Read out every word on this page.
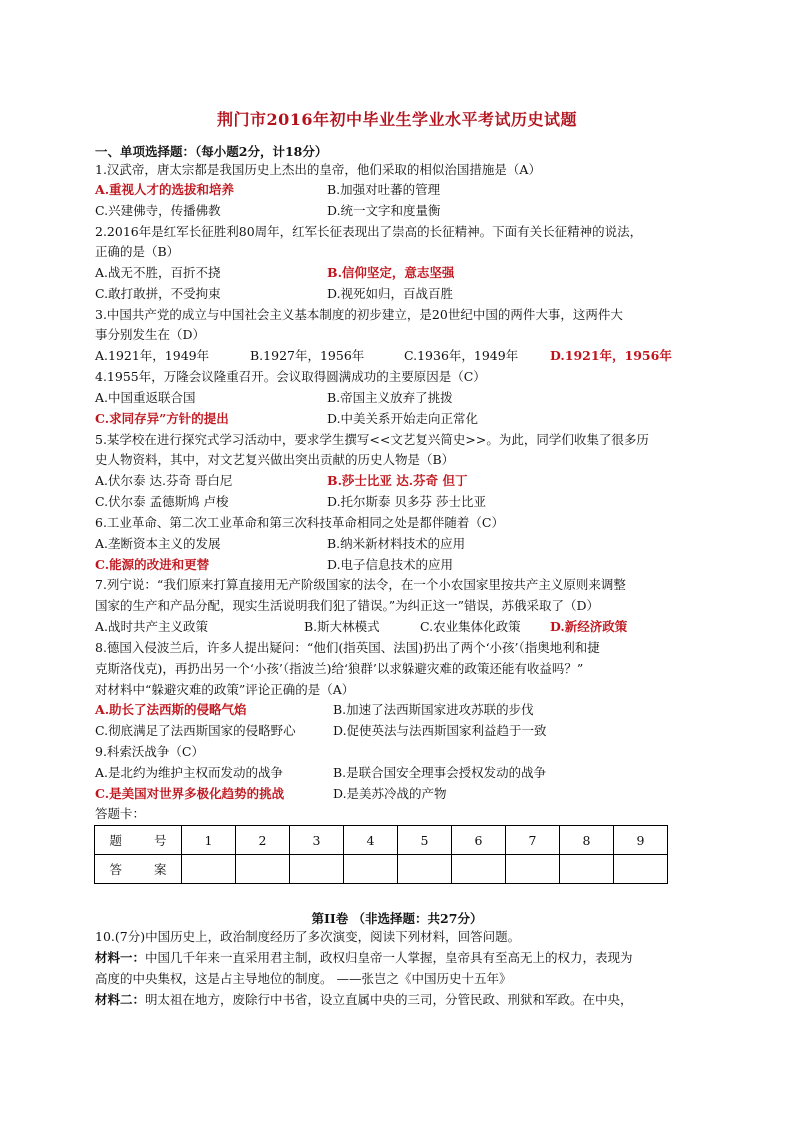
荆门市2016年初中毕业生学业水平考试历史试题
一、单项选择题：（每小题2分，计18分）
1.汉武帝，唐太宗都是我国历史上杰出的皇帝，他们采取的相似治国措施是（A）
A.重视人才的选拔和培养	B.加强对吐蕃的管理
C.兴建佛寺，传播佛教	D.统一文字和度量衡
2.2016年是红军长征胜利80周年，红军长征表现出了崇高的长征精神。下面有关长征精神的说法，
正确的是（B）
A.战无不胜，百折不挠	B.信仰坚定，意志坚强
C.敢打敢拼，不受拘束	D.视死如归，百战百胜
3.中国共产党的成立与中国社会主义基本制度的初步建立，是20世纪中国的两件大事，这两件大
事分别发生在（D）
A.1921年，1949年	B.1927年，1956年	C.1936年，1949年	D.1921年，1956年
4.1955年，万隆会议隆重召开。会议取得圆满成功的主要原因是（C）
A.中国重返联合国	B.帝国主义放弃了挑拨
C.求同存异”方针的提出	D.中美关系开始走向正常化
5.某学校在进行探究式学习活动中，要求学生撰写<<文艺复兴简史>>。为此，同学们收集了很多历
史人物资料，其中，对文艺复兴做出突出贡献的历史人物是（B）
A.伏尔泰 达.芬奇 哥白尼	B.莎士比亚 达.芬奇 但丁
C.伏尔泰 孟德斯鸠 卢梭	D.托尔斯泰 贝多芬 莎士比亚
6.工业革命、第二次工业革命和第三次科技革命相同之处是都伴随着（C）
A.垄断资本主义的发展	B.纳米新材料技术的应用
C.能源的改进和更替	D.电子信息技术的应用
7.列宁说：“我们原来打算直接用无产阶级国家的法令，在一个小农国家里按共产主义原则来调整
国家的生产和产品分配，现实生活说明我们犯了错误。”为纠正这一”错误，苏俄采取了（D）
A.战时共产主义政策	B.斯大林模式	C.农业集体化政策 D.新经济政策
8.德国入侵波兰后，许多人提出疑问：“他们(指英国、法国)扔出了两个‘小孩’（指奥地利和捷
克斯洛伐克)，再扔出另一个‘小孩’（指波兰)给‘狼群’以求躲避灾难的政策还能有收益吗？”
对材料中“躲避灾难的政策”评论正确的是（A）
A.助长了法西斯的侵略气焰	B.加速了法西斯国家进攻苏联的步伐
C.彻底满足了法西斯国家的侵略野心	D.促使英法与法西斯国家利益趋于一致
9.科索沃战争（C）
A.是北约为维护主权而发动的战争	B.是联合国安全理事会授权发动的战争
C.是美国对世界多极化趋势的挑战	D.是美苏冷战的产物
答题卡：
题 号	1	2	3	4	5	6	7	8	9
答 案									
第II卷 （非选择题：共27分）
10.(7分)中国历史上，政治制度经历了多次演变，阅读下列材料，回答问题。
材料一：中国几千年来一直采用君主制，政权归皇帝一人掌握，皇帝具有至高无上的权力，表现为
高度的中央集权，这是占主导地位的制度。 ——张岂之《中国历史十五年》
材料二：明太祖在地方，废除行中书省，设立直属中央的三司，分管民政、刑狱和军政。在中央，
